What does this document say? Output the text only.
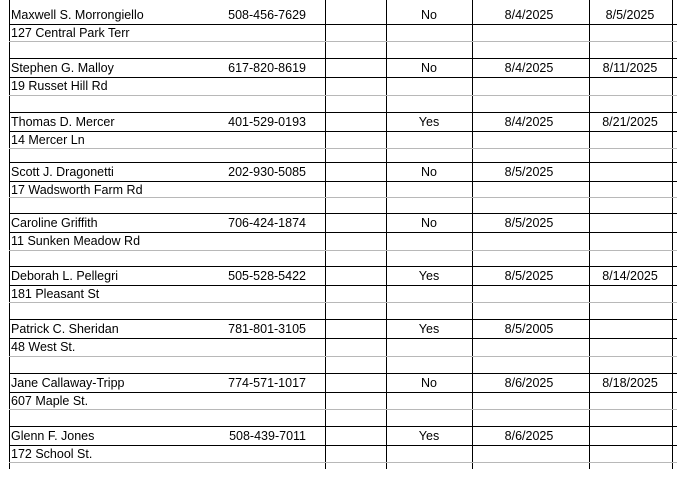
Maxwell S. Morrongiello	508-456-7629	No	8/4/2025	8/5/2025
127 Central Park Terr
Stephen G. Malloy	617-820-8619	No	8/4/2025	8/11/2025
19 Russet Hill Rd
Thomas D. Mercer	401-529-0193	Yes	8/4/2025	8/21/2025
14 Mercer Ln
Scott J. Dragonetti	202-930-5085	No	8/5/2025
17 Wadsworth Farm Rd
Caroline Griffith	706-424-1874	No	8/5/2025
11 Sunken Meadow Rd
Deborah L. Pellegri	505-528-5422	Yes	8/5/2025	8/14/2025
181 Pleasant St
Patrick C. Sheridan	781-801-3105	Yes	8/5/2005
48 West St.
Jane Callaway-Tripp	774-571-1017	No	8/6/2025	8/18/2025
607 Maple St.
Glenn F. Jones	508-439-7011	Yes	8/6/2025
172 School St.
